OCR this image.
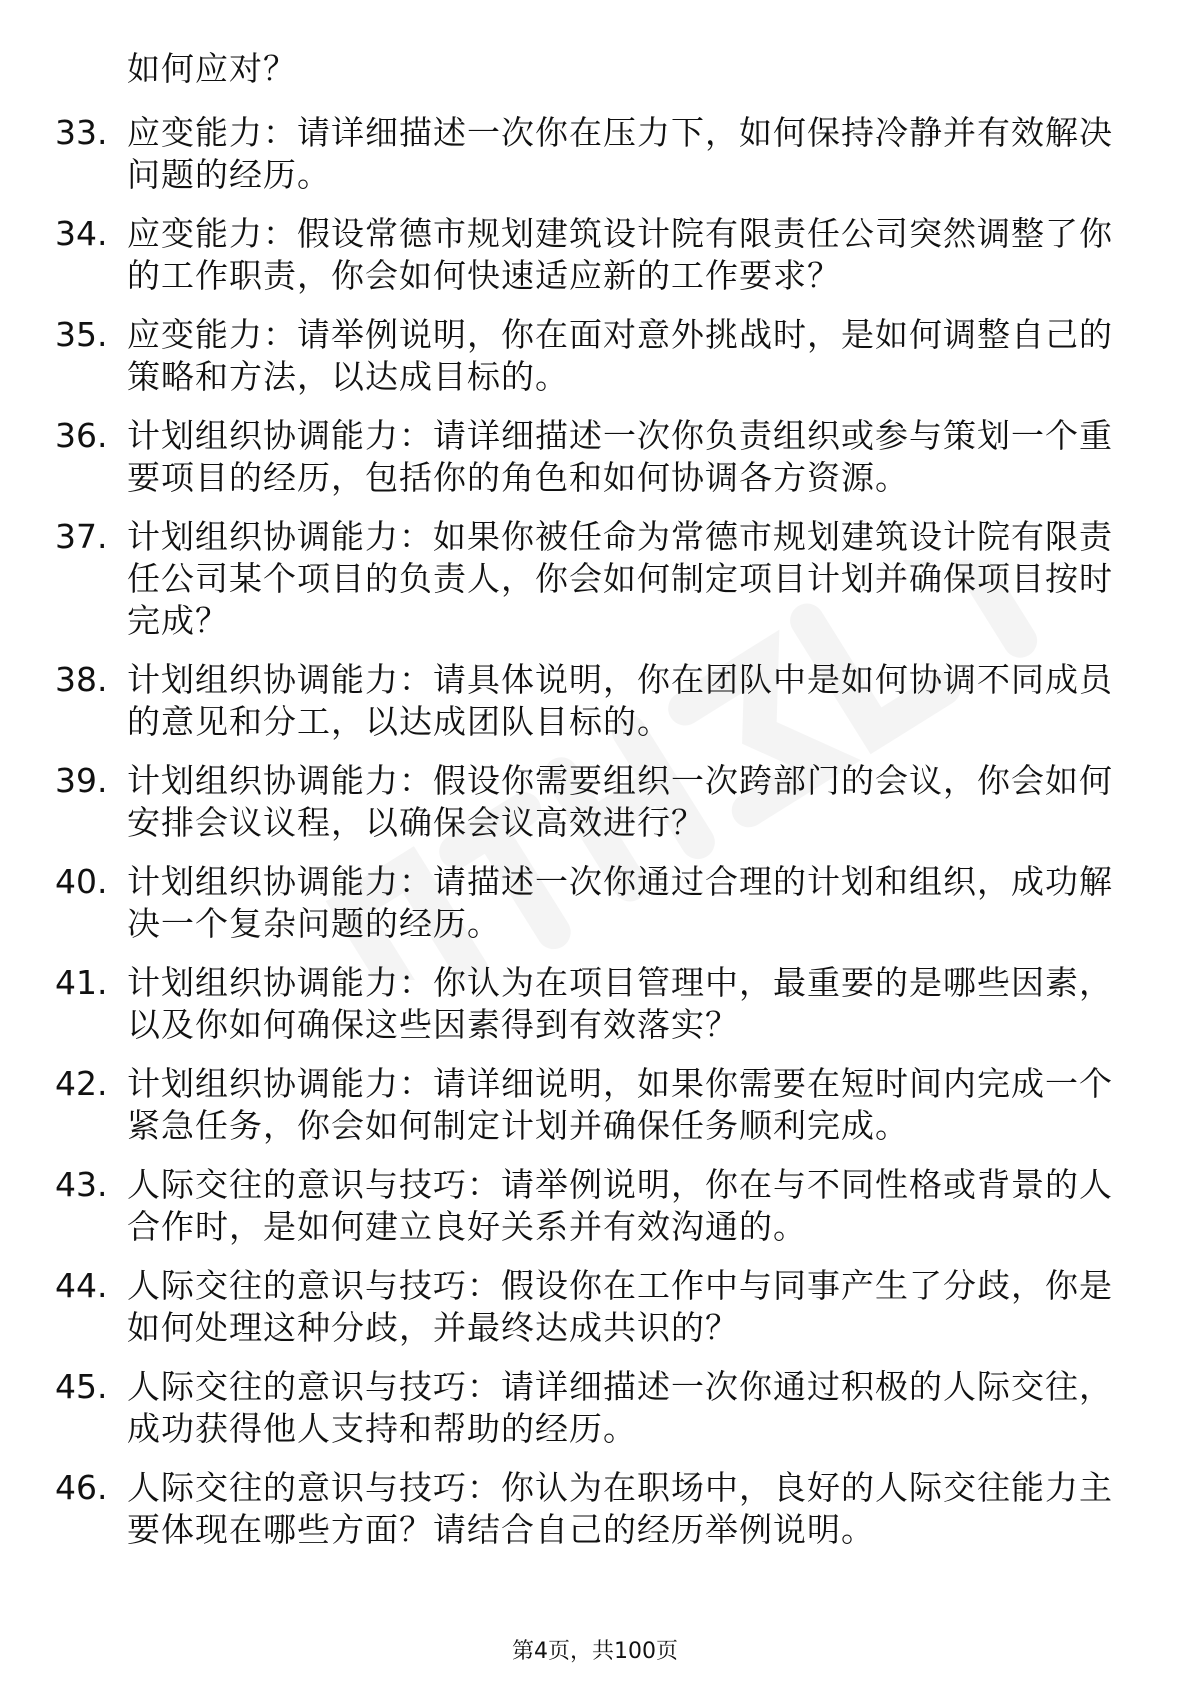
如何应对？
33. 应变能力：请详细描述一次你在压力下，如何保持冷静并有效解决问题的经历。
34. 应变能力：假设常德市规划建筑设计院有限责任公司突然调整了你的工作职责，你会如何快速适应新的工作要求？
35. 应变能力：请举例说明，你在面对意外挑战时，是如何调整自己的策略和方法，以达成目标的。
36. 计划组织协调能力：请详细描述一次你负责组织或参与策划一个重要项目的经历，包括你的角色和如何协调各方资源。
37. 计划组织协调能力：如果你被任命为常德市规划建筑设计院有限责任公司某个项目的负责人，你会如何制定项目计划并确保项目按时完成？
38. 计划组织协调能力：请具体说明，你在团队中是如何协调不同成员的意见和分工，以达成团队目标的。
39. 计划组织协调能力：假设你需要组织一次跨部门的会议，你会如何安排会议议程，以确保会议高效进行？
40. 计划组织协调能力：请描述一次你通过合理的计划和组织，成功解决一个复杂问题的经历。
41. 计划组织协调能力：你认为在项目管理中，最重要的是哪些因素，以及你如何确保这些因素得到有效落实？
42. 计划组织协调能力：请详细说明，如果你需要在短时间内完成一个紧急任务，你会如何制定计划并确保任务顺利完成。
43. 人际交往的意识与技巧：请举例说明，你在与不同性格或背景的人合作时，是如何建立良好关系并有效沟通的。
44. 人际交往的意识与技巧：假设你在工作中与同事产生了分歧，你是如何处理这种分歧，并最终达成共识的？
45. 人际交往的意识与技巧：请详细描述一次你通过积极的人际交往，成功获得他人支持和帮助的经历。
46. 人际交往的意识与技巧：你认为在职场中，良好的人际交往能力主要体现在哪些方面？请结合自己的经历举例说明。
第4页，共100页
